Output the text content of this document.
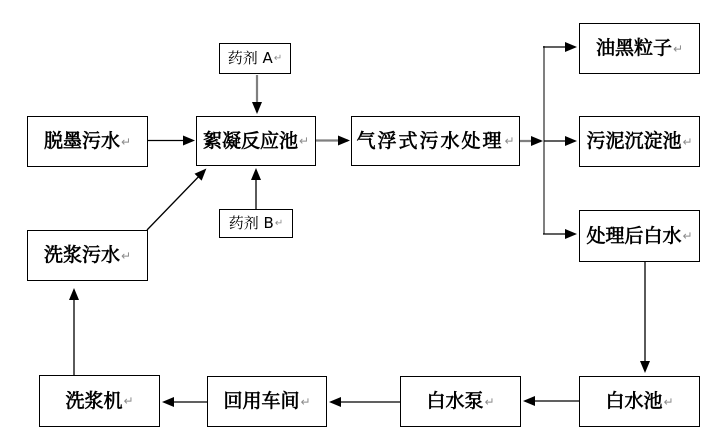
脱墨污水 ↵
药剂 A ↵
絮凝反应池 ↵
药剂 B ↵
气浮式污水处理 ↵
油黑粒子 ↵
污泥沉淀池 ↵
处理后白水 ↵
洗浆污水 ↵
白水池 ↵
白水泵 ↵
回用车间 ↵
洗浆机 ↵
